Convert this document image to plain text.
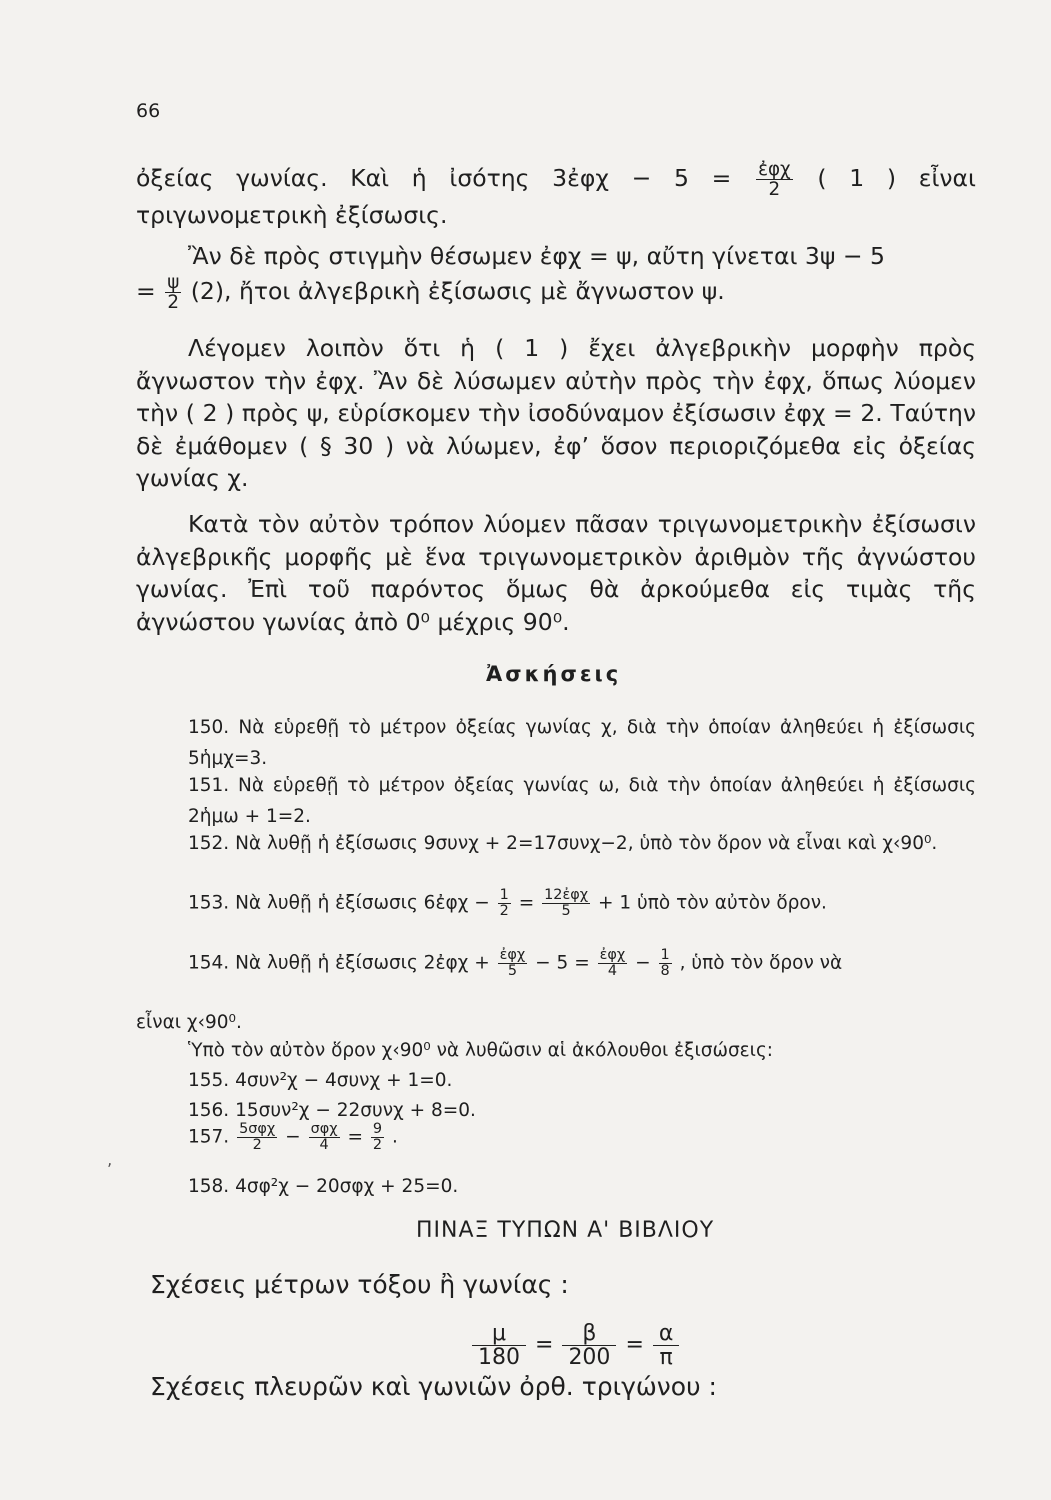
66

ὀξείας γωνίας. Καὶ ἡ ἰσότης 3ἐφχ − $5 = \frac{\text{ἐφχ}}{2}$ ( 1 ) εἶναι τριγωνομετρικὴ ἐξίσωσις.

Ἂν δὲ πρὸς στιγμὴν θέσωμεν ἐφχ = ψ, αὔτη γίνεται 3ψ − 5

= $\frac{\psi}{2} (2)$, ἤτοι ἀλγεβρικὴ ἐξίσωσις μὲ ἄγνωστον ψ.

Λέγομεν λοιπὸν ὅτι ἡ ( 1 ) ἔχει ἀλγεβρικὴν μορφὴν πρὸς ἄγνωστον τὴν ἐφχ. Ἂν δὲ λύσωμεν αὐτὴν πρὸς τὴν ἐφχ, ὅπως λύομεν τὴν ( 2 ) πρὸς ψ, εὑρίσκομεν τὴν ἰσοδύναμον ἐξίσωσιν ἐφχ = 2. Ταύτην δὲ ἐμάθομεν ( § 30 ) νὰ λύωμεν, ἐφ’ ὅσον περιοριζόμεθα εἰς ὀξείας γωνίας χ.

Κατὰ τὸν αὐτὸν τρόπον λύομεν πᾶσαν τριγωνομετρικὴν ἐξίσωσιν ἀλγεβρικῆς μορφῆς μὲ ἕνα τριγωνομετρικὸν ἀριθμὸν τῆς ἀγνώστου γωνίας. Ἐπὶ τοῦ παρόντος ὅμως θὰ ἀρκούμεθα εἰς τιμὰς τῆς ἀγνώστου γωνίας ἀπὸ 0⁰ μέχρις 90⁰.

Ἀσκήσεις

150. Νὰ εὑρεθῇ τὸ μέτρον ὀξείας γωνίας χ, διὰ τὴν ὁποίαν ἀληθεύει ἡ ἐξίσωσις 5ἡμχ=3.

151. Νὰ εὑρεθῇ τὸ μέτρον ὀξείας γωνίας ω, διὰ τὴν ὁποίαν ἀληθεύει ἡ ἐξίσωσις 2ἡμω + 1=2.

152. Νὰ λυθῇ ἡ ἐξίσωσις 9συνχ + 2=17συνχ−2, ὑπὸ τὸν ὅρον νὰ εἶναι καὶ χ‹90⁰.

153. Νὰ λυθῇ ἡ ἐξίσωσις 6ἐφχ − $\frac{1}{2} = \frac{\text{12ἐφχ}}{5} + 1$ ὑπὸ τὸν αὐτὸν ὅρον.
154. Νὰ λυθῇ ἡ ἐξίσωσις 2ἐφχ + $\frac{\text{ἐφχ}}{5} - 5 = \frac{\text{ἐφχ}}{4} - \frac{1}{8}$ , ὑπὸ τὸν ὅρον νὰ
εἶναι χ‹90⁰.
Ὑπὸ τὸν αὐτὸν ὅρον χ‹90⁰ νὰ λυθῶσιν αἱ ἀκόλουθοι ἐξισώσεις:
155. 4συν²χ − 4συνχ + 1=0.
156. 15συν²χ − 22συνχ + 8=0.
‚
157. $\frac{\text{5σφχ}}{2} - \frac{\text{σφχ}}{4} = \frac{9}{2}$ .
158. 4σφ²χ − 20σφχ + 25=0.
ΠΙΝΑΞ ΤΥΠΩΝ Α' ΒΙΒΛΙΟΥ
Σχέσεις μέτρων τόξου ἢ γωνίας :
$\frac{\mu}{180} = \frac{\beta}{200} = \frac{\alpha}{\pi}$
Σχέσεις πλευρῶν καὶ γωνιῶν ὀρθ. τριγώνου :
